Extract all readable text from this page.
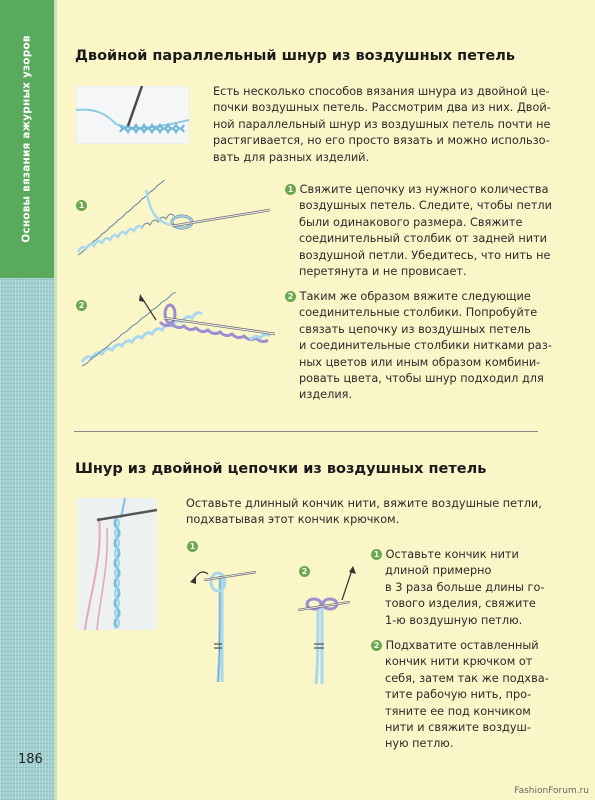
Основы вязания ажурных узоров	Двойной параллельный шнур из воздушных петель
Есть несколько способов вязания шнура из двойной це-
почки воздушных петель. Рассмотрим два из них. Двой-
ной параллельный шнур из воздушных петель почти не
растягивается, но его просто вязать и можно использо-
вать для разных изделий.
1
1 Свяжите цепочку из нужного количества
воздушных петель. Следите, чтобы петли
были одинакового размера. Свяжите
соединительный столбик от задней нити
воздушной петли. Убедитесь, что нить не
перетянута и не провисает.
2
2 Таким же образом вяжите следующие
соединительные столбики. Попробуйте
связать цепочку из воздушных петель
и соединительные столбики нитками раз-
ных цветов или иным образом комбини-
ровать цвета, чтобы шнур подходил для
изделия.
Шнур из двойной цепочки из воздушных петель
Оставьте длинный кончик нити, вяжите воздушные петли,
подхватывая этот кончик крючком.
1
2
1 Оставьте кончик нити
длиной примерно
в 3 раза больше длины го-
тового изделия, свяжите
1-ю воздушную петлю.
2 Подхватите оставленный
кончик нити крючком от
себя, затем так же подхва-
тите рабочую нить, про-
тяните ее под кончиком
нити и свяжите воздуш-
ную петлю.
186
FashionForum.ru
